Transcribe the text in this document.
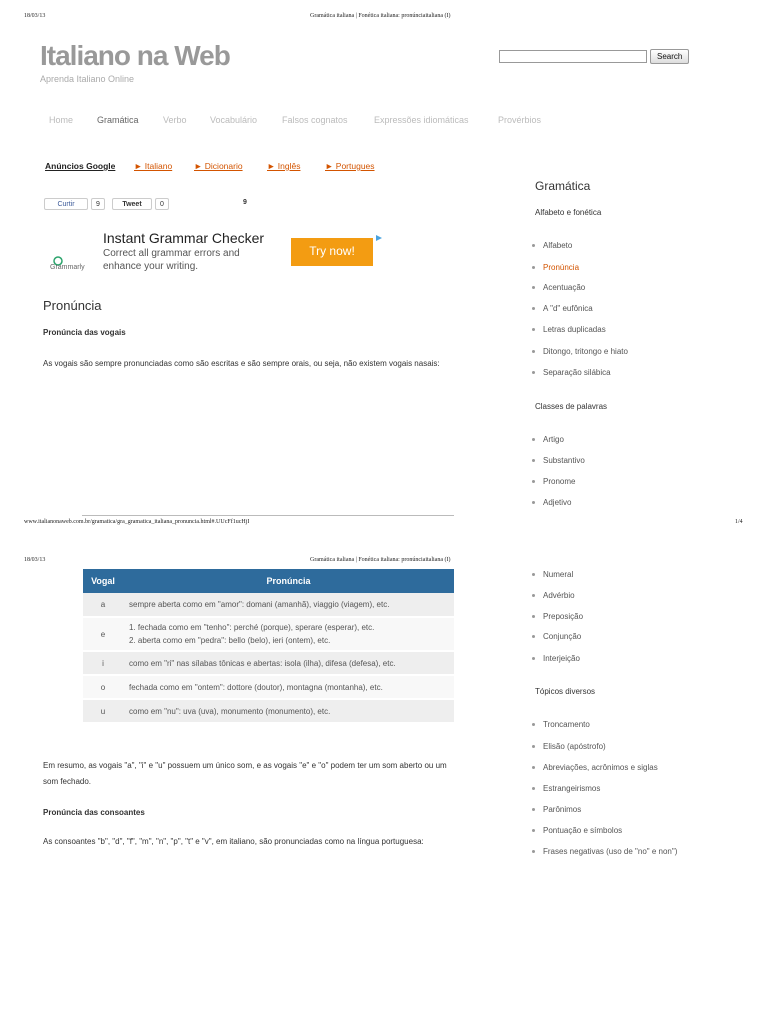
18/03/13	Gramática italiana | Fonética italiana: pronúnciaitaliana (I)
Italiano na Web
Aprenda Italiano Online
Search
Home	Gramática	Verbo	Vocabulário	Falsos cognatos	Expressões idiomáticas	Provérbios
Anúncios Google ► Italiano	► Dicionario	► Inglês	► Portugues
Curtir	9	Tweet	0	9
Grammarly
Instant Grammar Checker
Correct all grammar errors and
enhance your writing.
Try now!
Pronúncia
Pronúncia das vogais
As vogais são sempre pronunciadas como são escritas e são sempre orais, ou seja, não existem vogais nasais:
Gramática
Alfabeto e fonética
Alfabeto
Pronúncia
Acentuação
A "d" eufônica
Letras duplicadas
Ditongo, tritongo e hiato
Separação silábica
Classes de palavras
Artigo
Substantivo
Pronome
Adjetivo
www.italianonaweb.com.br/gramatica/gra_gramatica_italiana_pronuncia.html#.UUcFf1ucHjI	1/4
18/03/13	Gramática italiana | Fonética italiana: pronúnciaitaliana (I)
Vogal	Pronúncia
a	sempre aberta como em "amor": domani (amanhã), viaggio (viagem), etc.
e	1. fechada como em "tenho": perché (porque), sperare (esperar), etc.
2. aberta como em "pedra": bello (belo), ieri (ontem), etc.

i	como em "ri" nas sílabas tônicas e abertas: isola (ilha), difesa (defesa), etc.
o	fechada como em "ontem": dottore (doutor), montagna (montanha), etc.
u	como em "nu": uva (uva), monumento (monumento), etc.
Em resumo, as vogais "a", "i" e "u" possuem um único som, e as vogais "e" e "o" podem ter um som aberto ou um
som fechado.
Pronúncia das consoantes
As consoantes "b", "d", "f", "m", "n", "p", "t" e "v", em italiano, são pronunciadas como na língua portuguesa:
Numeral
Advérbio
Preposição
Conjunção
Interjeição
Tópicos diversos
Troncamento
Elisão (apóstrofo)
Abreviações, acrônimos e siglas
Estrangeirismos
Parônimos
Pontuação e símbolos
Frases negativas (uso de "no" e non")
